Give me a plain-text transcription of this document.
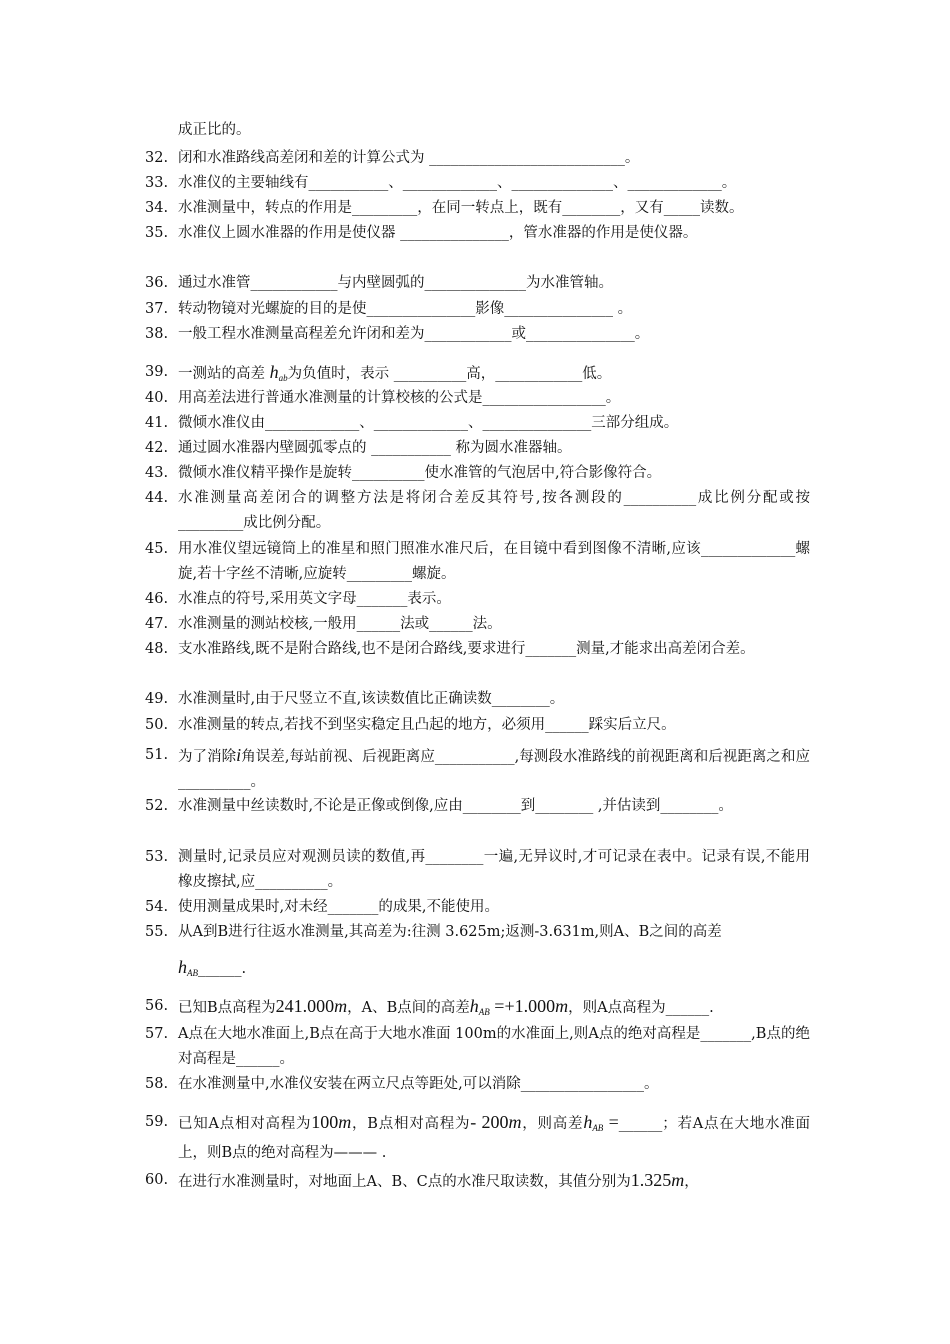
成正比的。
32. 闭和水准路线高差闭和差的计算公式为 ___________________________。
33. 水准仪的主要轴线有___________、_____________、______________、_____________。
34. 水准测量中，转点的作用是_________，在同一转点上，既有________，又有_____读数。
35. 水准仪上圆水准器的作用是使仪器 _______________，管水准器的作用是使仪器。
36. 通过水准管____________与内壁圆弧的______________为水准管轴。
37. 转动物镜对光螺旋的目的是使_______________影像_______________ 。
38. 一般工程水准测量高程差允许闭和差为____________或_______________。
39. 一测站的高差 $h_{ab}$为负值时，表示 __________高，____________低。
40. 用高差法进行普通水准测量的计算校核的公式是_________________。
41. 微倾水准仪由_____________、_____________、_______________三部分组成。
42. 通过圆水准器内壁圆弧零点的 ___________ 称为圆水准器轴。
43. 微倾水准仪精平操作是旋转__________使水准管的气泡居中,符合影像符合。
44. 水准测量高差闭合的调整方法是将闭合差反其符号,按各测段的__________成比例分配或按_________成比例分配。
45. 用水准仪望远镜筒上的准星和照门照准水准尺后，在目镜中看到图像不清晰,应该_____________螺旋,若十字丝不清晰,应旋转_________螺旋。
46. 水准点的符号,采用英文字母_______表示。
47. 水准测量的测站校核,一般用______法或______法。
48. 支水准路线,既不是附合路线,也不是闭合路线,要求进行_______测量,才能求出高差闭合差。
49. 水准测量时,由于尺竖立不直,该读数值比正确读数________。
50. 水准测量的转点,若找不到坚实稳定且凸起的地方，必须用______踩实后立尺。
51. 为了消除i角误差,每站前视、后视距离应___________,每测段水准路线的前视距离和后视距离之和应__________。
52. 水准测量中丝读数时,不论是正像或倒像,应由________到________ ,并估读到________。
53. 测量时,记录员应对观测员读的数值,再________一遍,无异议时,才可记录在表中。记录有误,不能用橡皮擦拭,应__________。
54. 使用测量成果时,对未经_______的成果,不能使用。
55. 从A到B进行往返水准测量,其高差为:往测 3.625m;返测-3.631m,则A、B之间的高差
$h_{AB}\_\_\_\_\_\_$.
56. 已知B点高程为241.000m，A、B点间的高差$h_{AB} =+1.000m$，则A点高程为______.
57. A点在大地水准面上,B点在高于大地水准面 100m的水准面上,则A点的绝对高程是_______,B点的绝对高程是______。
58. 在水准测量中,水准仪安装在两立尺点等距处,可以消除_________________。
59. 已知A点相对高程为100m，B点相对高程为- 200m，则高差$h_{AB}$ =______；若A点在大地水准面上，则B点的绝对高程为——— .
60. 在进行水准测量时，对地面上A、B、C点的水准尺取读数，其值分别为1.325m，
